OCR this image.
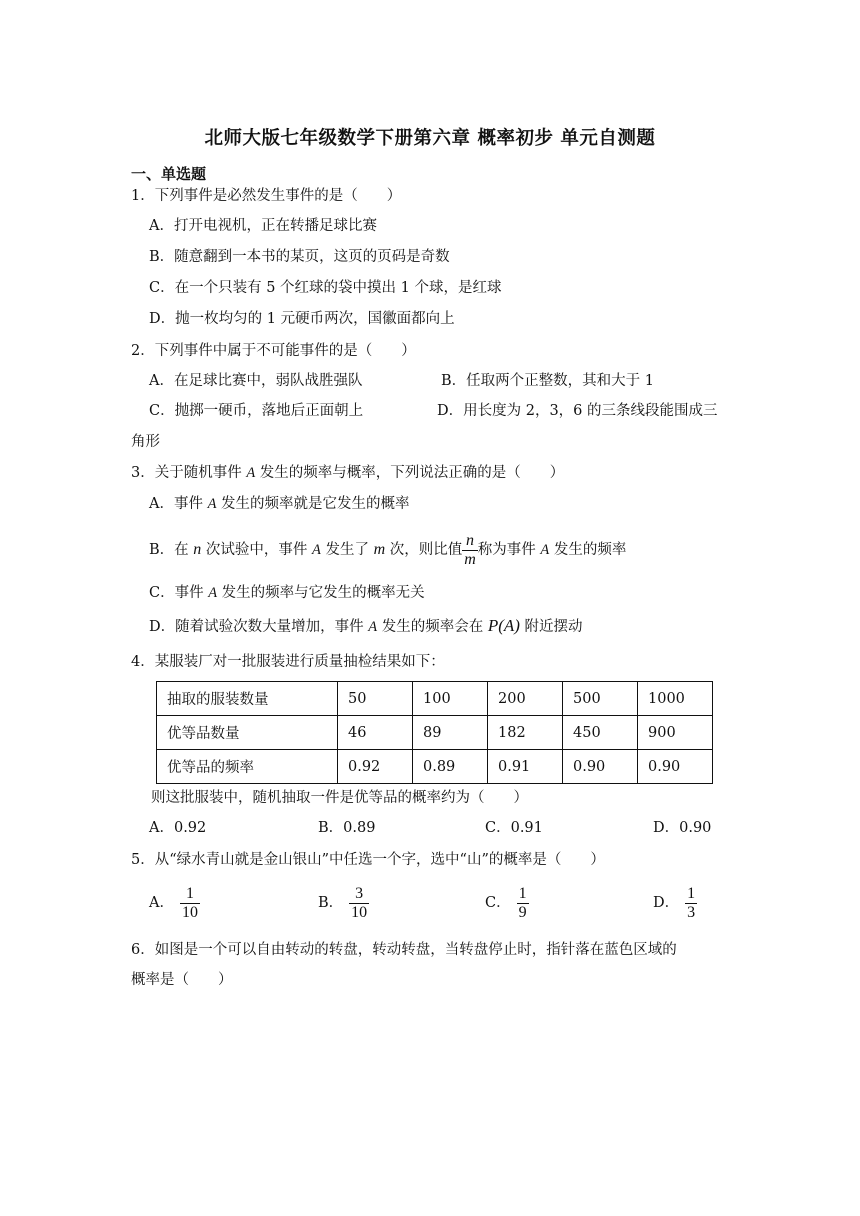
北师大版七年级数学下册第六章 概率初步 单元自测题
一、单选题
1．下列事件是必然发生事件的是（　　）
A．打开电视机，正在转播足球比赛
B．随意翻到一本书的某页，这页的页码是奇数
C．在一个只装有 5 个红球的袋中摸出 1 个球，是红球
D．抛一枚均匀的 1 元硬币两次，国徽面都向上
2．下列事件中属于不可能事件的是（　　）
A．在足球比赛中，弱队战胜强队	B．任取两个正整数，其和大于 1
C．抛掷一硬币，落地后正面朝上	D．用长度为 2，3，6 的三条线段能围成三
角形
3．关于随机事件 A 发生的频率与概率，下列说法正确的是（　　）
A．事件 A 发生的频率就是它发生的概率
B．在 n 次试验中，事件 A 发生了 m 次，则比值 $\frac{n}{m}$ 称为事件 A 发生的频率
C．事件 A 发生的频率与它发生的概率无关
D．随着试验次数大量增加，事件 A 发生的频率会在 P(A) 附近摆动
4．某服装厂对一批服装进行质量抽检结果如下：
抽取的服装数量	50	100	200	500	1000
优等品数量	46	89	182	450	900
优等品的频率	0.92	0.89	0.91	0.90	0.90
则这批服装中，随机抽取一件是优等品的概率约为（　　）
A．0.92	B．0.89	C．0.91	D．0.90
5．从“绿水青山就是金山银山”中任选一个字，选中“山”的概率是（　　）
A． $\frac{1}{10}$	B． $\frac{3}{10}$	C． $\frac{1}{9}$	D． $\frac{1}{3}$
6．如图是一个可以自由转动的转盘，转动转盘，当转盘停止时，指针落在蓝色区域的
概率是（　　）
